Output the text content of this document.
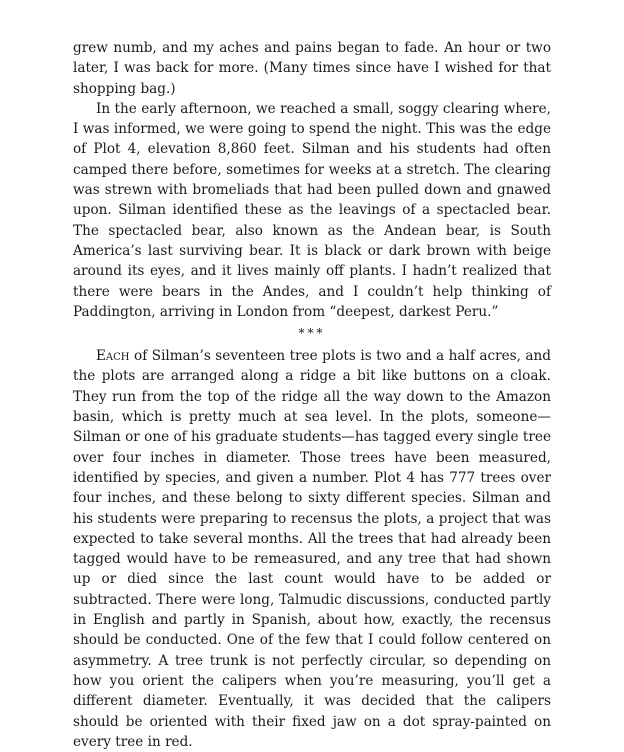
grew numb, and my aches and pains began to fade. An hour or two later, I was back for more. (Many times since have I wished for that shopping bag.)

In the early afternoon, we reached a small, soggy clearing where, I was informed, we were going to spend the night. This was the edge of Plot 4, elevation 8,860 feet. Silman and his students had often camped there before, sometimes for weeks at a stretch. The clearing was strewn with bromeliads that had been pulled down and gnawed upon. Silman identified these as the leavings of a spectacled bear. The spectacled bear, also known as the Andean bear, is South America’s last surviving bear. It is black or dark brown with beige around its eyes, and it lives mainly off plants. I hadn’t realized that there were bears in the Andes, and I couldn’t help thinking of Paddington, arriving in London from “deepest, darkest Peru.”

***

Each of Silman’s seventeen tree plots is two and a half acres, and the plots are arranged along a ridge a bit like buttons on a cloak. They run from the top of the ridge all the way down to the Amazon basin, which is pretty much at sea level. In the plots, someone—Silman or one of his graduate students—has tagged every single tree over four inches in diameter. Those trees have been measured, identified by species, and given a number. Plot 4 has 777 trees over four inches, and these belong to sixty different species. Silman and his students were preparing to recensus the plots, a project that was expected to take several months. All the trees that had already been tagged would have to be remeasured, and any tree that had shown up or died since the last count would have to be added or subtracted. There were long, Talmudic discussions, conducted partly in English and partly in Spanish, about how, exactly, the recensus should be conducted. One of the few that I could follow centered on asymmetry. A tree trunk is not perfectly circular, so depending on how you orient the calipers when you’re measuring, you’ll get a different diameter. Eventually, it was decided that the calipers should be oriented with their fixed jaw on a dot spray-painted on every tree in red.
